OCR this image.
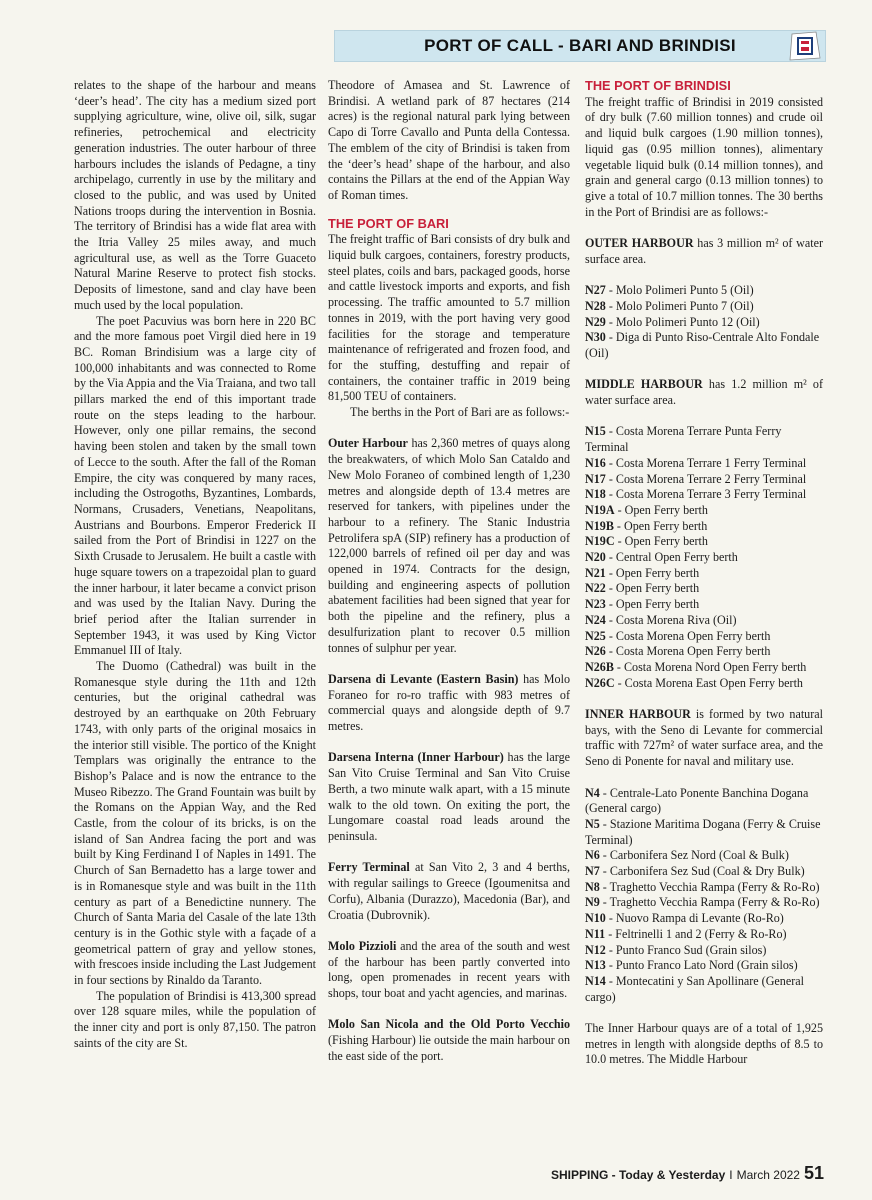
PORT OF CALL - BARI AND BRINDISI

relates to the shape of the harbour and means ‘deer’s head’. The city has a medium sized port supplying agriculture, wine, olive oil, silk, sugar refineries, petrochemical and electricity generation industries. The outer harbour of three harbours includes the islands of Pedagne, a tiny archipelago, currently in use by the military and closed to the public, and was used by United Nations troops during the intervention in Bosnia. The territory of Brindisi has a wide flat area with the Itria Valley 25 miles away, and much agricultural use, as well as the Torre Guaceto Natural Marine Reserve to protect fish stocks. Deposits of limestone, sand and clay have been much used by the local population.

The poet Pacuvius was born here in 220 BC and the more famous poet Virgil died here in 19 BC. Roman Brindisium was a large city of 100,000 inhabitants and was connected to Rome by the Via Appia and the Via Traiana, and two tall pillars marked the end of this important trade route on the steps leading to the harbour. However, only one pillar remains, the second having been stolen and taken by the small town of Lecce to the south. After the fall of the Roman Empire, the city was conquered by many races, including the Ostrogoths, Byzantines, Lombards, Normans, Crusaders, Venetians, Neapolitans, Austrians and Bourbons. Emperor Frederick II sailed from the Port of Brindisi in 1227 on the Sixth Crusade to Jerusalem. He built a castle with huge square towers on a trapezoidal plan to guard the inner harbour, it later became a convict prison and was used by the Italian Navy. During the brief period after the Italian surrender in September 1943, it was used by King Victor Emmanuel III of Italy.

The Duomo (Cathedral) was built in the Romanesque style during the 11th and 12th centuries, but the original cathedral was destroyed by an earthquake on 20th February 1743, with only parts of the original mosaics in the interior still visible. The portico of the Knight Templars was originally the entrance to the Bishop’s Palace and is now the entrance to the Museo Ribezzo. The Grand Fountain was built by the Romans on the Appian Way, and the Red Castle, from the colour of its bricks, is on the island of San Andrea facing the port and was built by King Ferdinand I of Naples in 1491. The Church of San Bernadetto has a large tower and is in Romanesque style and was built in the 11th century as part of a Benedictine nunnery. The Church of Santa Maria del Casale of the late 13th century is in the Gothic style with a façade of a geometrical pattern of gray and yellow stones, with frescoes inside including the Last Judgement in four sections by Rinaldo da Taranto.

The population of Brindisi is 413,300 spread over 128 square miles, while the population of the inner city and port is only 87,150. The patron saints of the city are St.

Theodore of Amasea and St. Lawrence of Brindisi. A wetland park of 87 hectares (214 acres) is the regional natural park lying between Capo di Torre Cavallo and Punta della Contessa. The emblem of the city of Brindisi is taken from the ‘deer’s head’ shape of the harbour, and also contains the Pillars at the end of the Appian Way of Roman times.

THE PORT OF BARI

The freight traffic of Bari consists of dry bulk and liquid bulk cargoes, containers, forestry products, steel plates, coils and bars, packaged goods, horse and cattle livestock imports and exports, and fish processing. The traffic amounted to 5.7 million tonnes in 2019, with the port having very good facilities for the storage and temperature maintenance of refrigerated and frozen food, and for the stuffing, destuffing and repair of containers, the container traffic in 2019 being 81,500 TEU of containers.

The berths in the Port of Bari are as follows:-

Outer Harbour has 2,360 metres of quays along the breakwaters, of which Molo San Cataldo and New Molo Foraneo of combined length of 1,230 metres and alongside depth of 13.4 metres are reserved for tankers, with pipelines under the harbour to a refinery. The Stanic Industria Petrolifera spA (SIP) refinery has a production of 122,000 barrels of refined oil per day and was opened in 1974. Contracts for the design, building and engineering aspects of pollution abatement facilities had been signed that year for both the pipeline and the refinery, plus a desulfurization plant to recover 0.5 million tonnes of sulphur per year.

Darsena di Levante (Eastern Basin) has Molo Foraneo for ro-ro traffic with 983 metres of commercial quays and alongside depth of 9.7 metres.

Darsena Interna (Inner Harbour) has the large San Vito Cruise Terminal and San Vito Cruise Berth, a two minute walk apart, with a 15 minute walk to the old town. On exiting the port, the Lungomare coastal road leads around the peninsula.

Ferry Terminal at San Vito 2, 3 and 4 berths, with regular sailings to Greece (Igoumenitsa and Corfu), Albania (Durazzo), Macedonia (Bar), and Croatia (Dubrovnik).

Molo Pizzioli and the area of the south and west of the harbour has been partly converted into long, open promenades in recent years with shops, tour boat and yacht agencies, and marinas.

Molo San Nicola and the Old Porto Vecchio (Fishing Harbour) lie outside the main harbour on the east side of the port.

THE PORT OF BRINDISI

The freight traffic of Brindisi in 2019 consisted of dry bulk (7.60 million tonnes) and crude oil and liquid bulk cargoes (1.90 million tonnes), liquid gas (0.95 million tonnes), alimentary vegetable liquid bulk (0.14 million tonnes), and grain and general cargo (0.13 million tonnes) to give a total of 10.7 million tonnes. The 30 berths in the Port of Brindisi are as follows:-

OUTER HARBOUR has 3 million m² of water surface area.

N27 - Molo Polimeri Punto 5 (Oil)
N28 - Molo Polimeri Punto 7 (Oil)
N29 - Molo Polimeri Punto 12 (Oil)
N30 - Diga di Punto Riso-Centrale Alto Fondale (Oil)

MIDDLE HARBOUR has 1.2 million m² of water surface area.

N15 - Costa Morena Terrare Punta Ferry Terminal
N16 - Costa Morena Terrare 1 Ferry Terminal
N17 - Costa Morena Terrare 2 Ferry Terminal
N18 - Costa Morena Terrare 3 Ferry Terminal
N19A - Open Ferry berth
N19B - Open Ferry berth
N19C - Open Ferry berth
N20 - Central Open Ferry berth
N21 - Open Ferry berth
N22 - Open Ferry berth
N23 - Open Ferry berth
N24 - Costa Morena Riva (Oil)
N25 - Costa Morena Open Ferry berth
N26 - Costa Morena Open Ferry berth
N26B - Costa Morena Nord Open Ferry berth
N26C - Costa Morena East Open Ferry berth

INNER HARBOUR is formed by two natural bays, with the Seno di Levante for commercial traffic with 727m² of water surface area, and the Seno di Ponente for naval and military use.

N4 - Centrale-Lato Ponente Banchina Dogana (General cargo)
N5 - Stazione Maritima Dogana (Ferry & Cruise Terminal)
N6 - Carbonifera Sez Nord (Coal & Bulk)
N7 - Carbonifera Sez Sud (Coal & Dry Bulk)
N8 - Traghetto Vecchia Rampa (Ferry & Ro-Ro)
N9 - Traghetto Vecchia Rampa (Ferry & Ro-Ro)
N10 - Nuovo Rampa di Levante (Ro-Ro)
N11 - Feltrinelli 1 and 2 (Ferry & Ro-Ro)
N12 - Punto Franco Sud (Grain silos)
N13 - Punto Franco Lato Nord (Grain silos)
N14 - Montecatini y San Apollinare (General cargo)

The Inner Harbour quays are of a total of 1,925 metres in length with alongside depths of 8.5 to 10.0 metres. The Middle Harbour

SHIPPING - Today & Yesterday I March 2022 51
